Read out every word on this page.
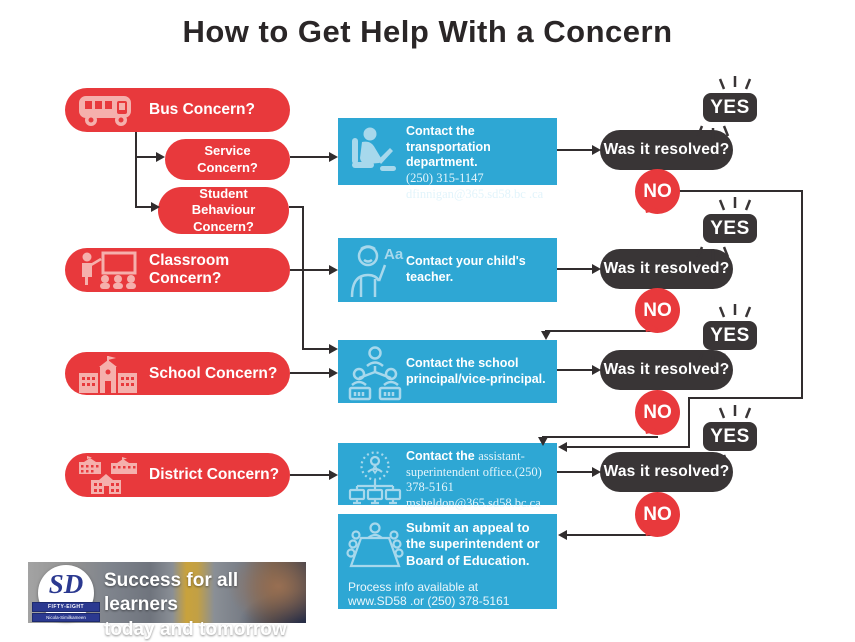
How to Get Help With a Concern
Bus Concern?
Service Concern?
Student Behaviour Concern?
Classroom Concern?
School Concern?
District Concern?

Contact the transportation department.

(250) 315-1147

dfinnigan@365.sd58.bc .ca

Aa Contact your child's teacher.

Contact the school principal/vice-principal.

Contact the assistant-superintendent office.(250) 378-5161

msheldon@365.sd58.bc.ca

Submit an appeal to the superintendent or Board of Education.

Process info available at

www.SD58 .or (250) 378-5161

Was it resolved?
Was it resolved?
Was it resolved?
Was it resolved?
YES
YES
YES
YES
NO
NO
NO
NO
SD
FIFTY-EIGHT
Nicola-Similkameen
Success for all learners
today and tomorrow
